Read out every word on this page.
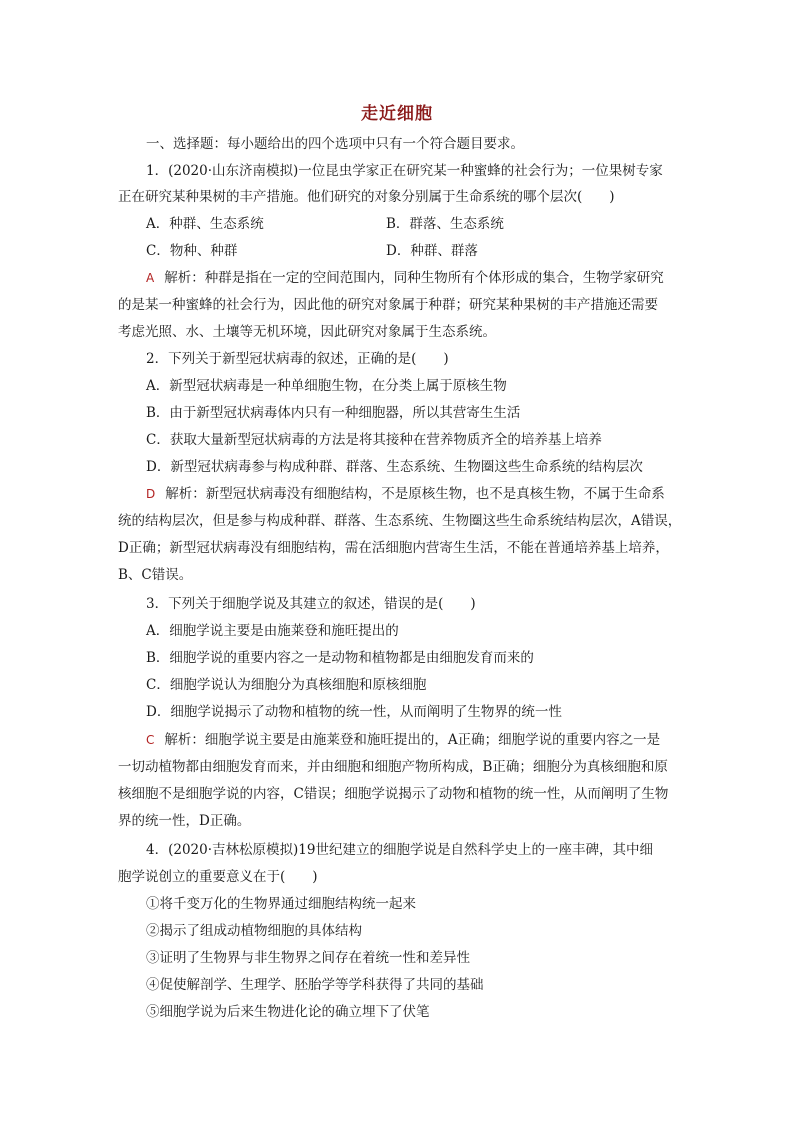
走近细胞
一、选择题：每小题给出的四个选项中只有一个符合题目要求。
1．(2020·山东济南模拟)一位昆虫学家正在研究某一种蜜蜂的社会行为；一位果树专家
正在研究某种果树的丰产措施。他们研究的对象分别属于生命系统的哪个层次(　　)
A．种群、生态系统	B．群落、生态系统
C．物种、种群	D．种群、群落
A 解析：种群是指在一定的空间范围内，同种生物所有个体形成的集合，生物学家研究
的是某一种蜜蜂的社会行为，因此他的研究对象属于种群；研究某种果树的丰产措施还需要
考虑光照、水、土壤等无机环境，因此研究对象属于生态系统。
2．下列关于新型冠状病毒的叙述，正确的是(　　)
A．新型冠状病毒是一种单细胞生物，在分类上属于原核生物
B．由于新型冠状病毒体内只有一种细胞器，所以其营寄生生活
C．获取大量新型冠状病毒的方法是将其接种在营养物质齐全的培养基上培养
D．新型冠状病毒参与构成种群、群落、生态系统、生物圈这些生命系统的结构层次
D 解析：新型冠状病毒没有细胞结构，不是原核生物，也不是真核生物，不属于生命系
统的结构层次，但是参与构成种群、群落、生态系统、生物圈这些生命系统结构层次，A错误，
D正确；新型冠状病毒没有细胞结构，需在活细胞内营寄生生活，不能在普通培养基上培养，
B、C错误。
3．下列关于细胞学说及其建立的叙述，错误的是(　　)
A．细胞学说主要是由施莱登和施旺提出的
B．细胞学说的重要内容之一是动物和植物都是由细胞发育而来的
C．细胞学说认为细胞分为真核细胞和原核细胞
D．细胞学说揭示了动物和植物的统一性，从而阐明了生物界的统一性
C 解析：细胞学说主要是由施莱登和施旺提出的，A正确；细胞学说的重要内容之一是
一切动植物都由细胞发育而来，并由细胞和细胞产物所构成，B正确；细胞分为真核细胞和原
核细胞不是细胞学说的内容，C错误；细胞学说揭示了动物和植物的统一性，从而阐明了生物
界的统一性，D正确。
4．(2020·吉林松原模拟)19世纪建立的细胞学说是自然科学史上的一座丰碑，其中细
胞学说创立的重要意义在于(　　)
①将千变万化的生物界通过细胞结构统一起来
②揭示了组成动植物细胞的具体结构
③证明了生物界与非生物界之间存在着统一性和差异性
④促使解剖学、生理学、胚胎学等学科获得了共同的基础
⑤细胞学说为后来生物进化论的确立埋下了伏笔
